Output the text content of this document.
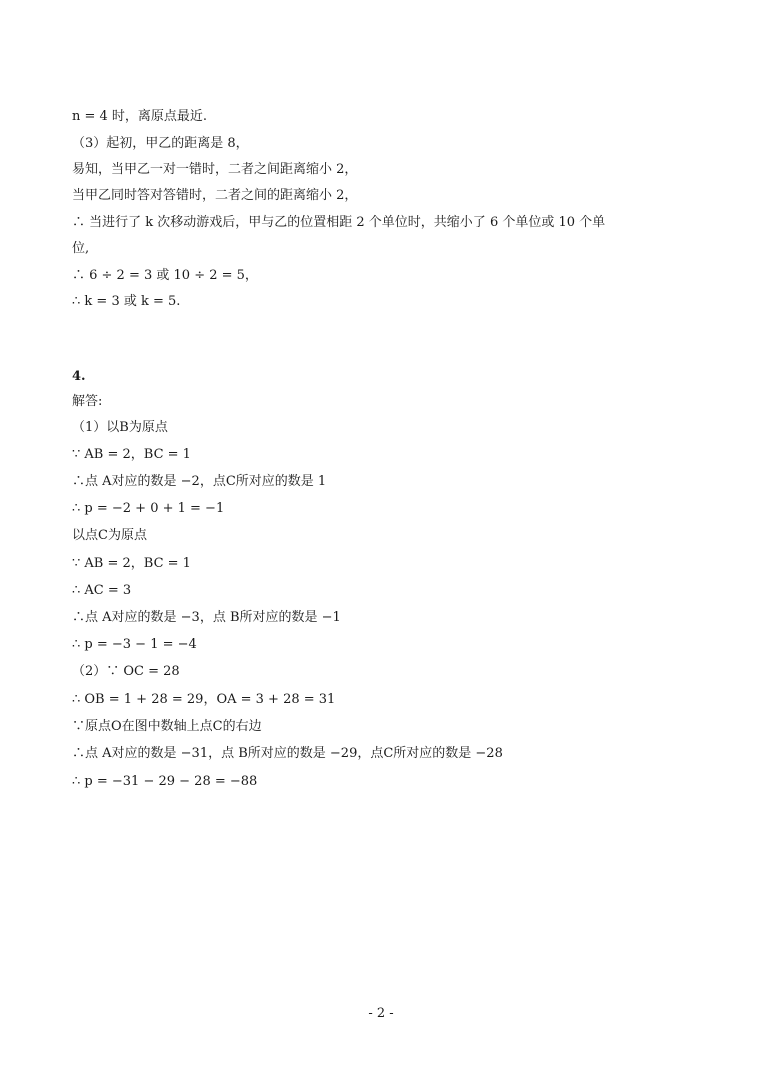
n = 4 时，离原点最近.
（3）起初，甲乙的距离是 8，
易知，当甲乙一对一错时，二者之间距离缩小 2，
当甲乙同时答对答错时，二者之间的距离缩小 2，
∴ 当进行了 k 次移动游戏后，甲与乙的位置相距 2 个单位时，共缩小了 6 个单位或 10 个单
位,
∴ 6 ÷ 2 = 3 或 10 ÷ 2 = 5，
∴ k = 3 或 k = 5.
4.
解答:
（1）以B为原点
∵ AB = 2，BC = 1
∴点 A对应的数是 −2，点C所对应的数是 1
∴ p = −2 + 0 + 1 = −1
以点C为原点
∵ AB = 2，BC = 1
∴ AC = 3
∴点 A对应的数是 −3，点 B所对应的数是 −1
∴ p = −3 − 1 = −4
（2）∵ OC = 28
∴ OB = 1 + 28 = 29，OA = 3 + 28 = 31
∵原点O在图中数轴上点C的右边
∴点 A对应的数是 −31，点 B所对应的数是 −29，点C所对应的数是 −28
∴ p = −31 − 29 − 28 = −88
- 2 -
